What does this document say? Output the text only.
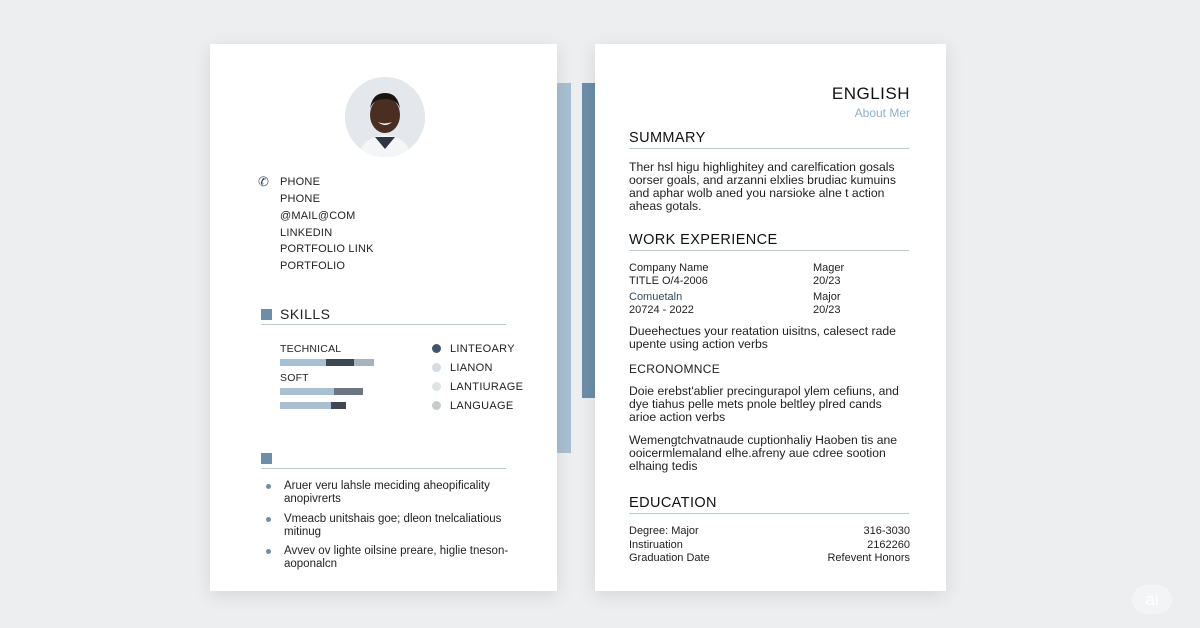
✆ PHONE
PHONE
@MAIL@COM
LINKEDIN
PORTFOLIO LINK
PORTFOLIO
SKILLS
TECHNICAL
SOFT
LINTEOARY
LIANON
LANTIURAGE
LANGUAGE
Aruer veru lahsle meciding aheopificality anopivrerts
Vmeacb unitshais goe; dleon tnelcaliatious mitinug
Avvev ov lighte oilsine preare, higlie tneson- aoponalcn
ENGLISH
About Mer
SUMMARY
Ther hsl higu highlighitey and carelfication gosals oorser goals, and arzanni elxlies brudiac kumuins and aphar wolb aned you narsioke alne t action aheas gotals.
WORK EXPERIENCE
Company Name	Mager
TITLE O/4-2006	20/23
Comuetaln	Major
20724 - 2022	20/23
Dueehectues your reatation uisitns, calesect rade upente using action verbs
ECRONOMNCE
Doie erebst'ablier precingurapol ylem cefiuns, and dye tiahus pelle mets pnole beltley plred cands arioe action verbs
Wemengtchvatnaude cuptionhaliy Haoben tis ane ooicermlemaland elhe.afreny aue cdree sootion elhaing tedis
EDUCATION
Degree: Major	316-3030
Instiruation	2162260
Graduation Date	Refevent Honors
ai
